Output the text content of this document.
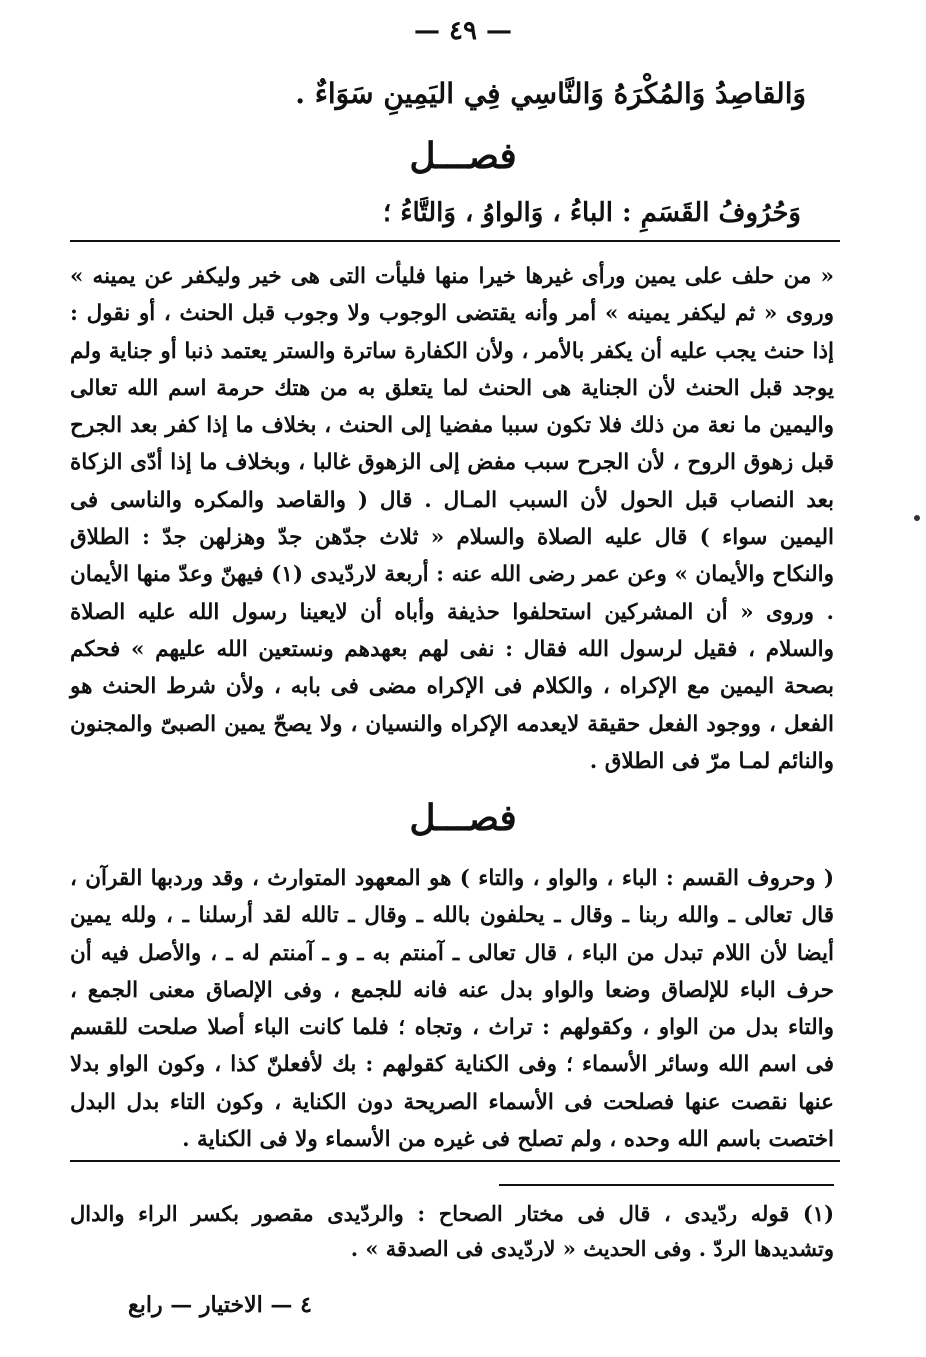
— ٤٩ —
وَالقاصِدُ وَالمُكْرَهُ وَالنَّاسِي فِي اليَمِينِ سَوَاءٌ .
فصـــل
وَحُرُوفُ القَسَمِ : الباءُ ، وَالواوُ ، وَالتَّاءُ ؛
« من حلف على يمين ورأى غيرها خيرا منها فليأت التى هى خير وليكفر عن يمينه » وروى « ثم ليكفر يمينه » أمر وأنه يقتضى الوجوب ولا وجوب قبل الحنث ، أو نقول : إذا حنث يجب عليه أن يكفر بالأمر ، ولأن الكفارة ساترة والستر يعتمد ذنبا أو جناية ولم يوجد قبل الحنث لأن الجناية هى الحنث لما يتعلق به من هتك حرمة اسم الله تعالى واليمين ما نعة من ذلك فلا تكون سببا مفضيا إلى الحنث ، بخلاف ما إذا كفر بعد الجرح قبل زهوق الروح ، لأن الجرح سبب مفض إلى الزهوق غالبا ، وبخلاف ما إذا أدّى الزكاة بعد النصاب قبل الحول لأن السبب المـال . قال ( والقاصد والمكره والناسى فى اليمين سواء ) قال عليه الصلاة والسلام « ثلاث جدّهن جدّ وهزلهن جدّ : الطلاق والنكاح والأيمان » وعن عمر رضى الله عنه : أربعة لاردّيدى (١) فيهنّ وعدّ منها الأيمان . وروى « أن المشركين استحلفوا حذيفة وأباه أن لايعينا رسول الله عليه الصلاة والسلام ، فقيل لرسول الله فقال : نفى لهم بعهدهم ونستعين الله عليهم » فحكم بصحة اليمين مع الإكراه ، والكلام فى الإكراه مضى فى بابه ، ولأن شرط الحنث هو الفعل ، ووجود الفعل حقيقة لايعدمه الإكراه والنسيان ، ولا يصحّ يمين الصبىّ والمجنون والنائم لمـا مرّ فى الطلاق .
فصـــل
( وحروف القسم : الباء ، والواو ، والتاء ) هو المعهود المتوارث ، وقد وردبها القرآن ، قال تعالى ـ والله ربنا ـ وقال ـ يحلفون بالله ـ وقال ـ تالله لقد أرسلنا ـ ، ولله يمين أيضا لأن اللام تبدل من الباء ، قال تعالى ـ آمنتم به ـ و ـ آمنتم له ـ ، والأصل فيه أن حرف الباء للإلصاق وضعا والواو بدل عنه فانه للجمع ، وفى الإلصاق معنى الجمع ، والتاء بدل من الواو ، وكقولهم : تراث ، وتجاه ؛ فلما كانت الباء أصلا صلحت للقسم فى اسم الله وسائر الأسماء ؛ وفى الكناية كقولهم : بك لأفعلنّ كذا ، وكون الواو بدلا عنها نقصت عنها فصلحت فى الأسماء الصريحة دون الكناية ، وكون التاء بدل البدل اختصت باسم الله وحده ، ولم تصلح فى غيره من الأسماء ولا فى الكناية .
(١) قوله ردّيدى ، قال فى مختار الصحاح : والردّيدى مقصور بكسر الراء والدال وتشديدها الردّ . وفى الحديث « لاردّيدى فى الصدقة » .
٤ — الاختيار — رابع
